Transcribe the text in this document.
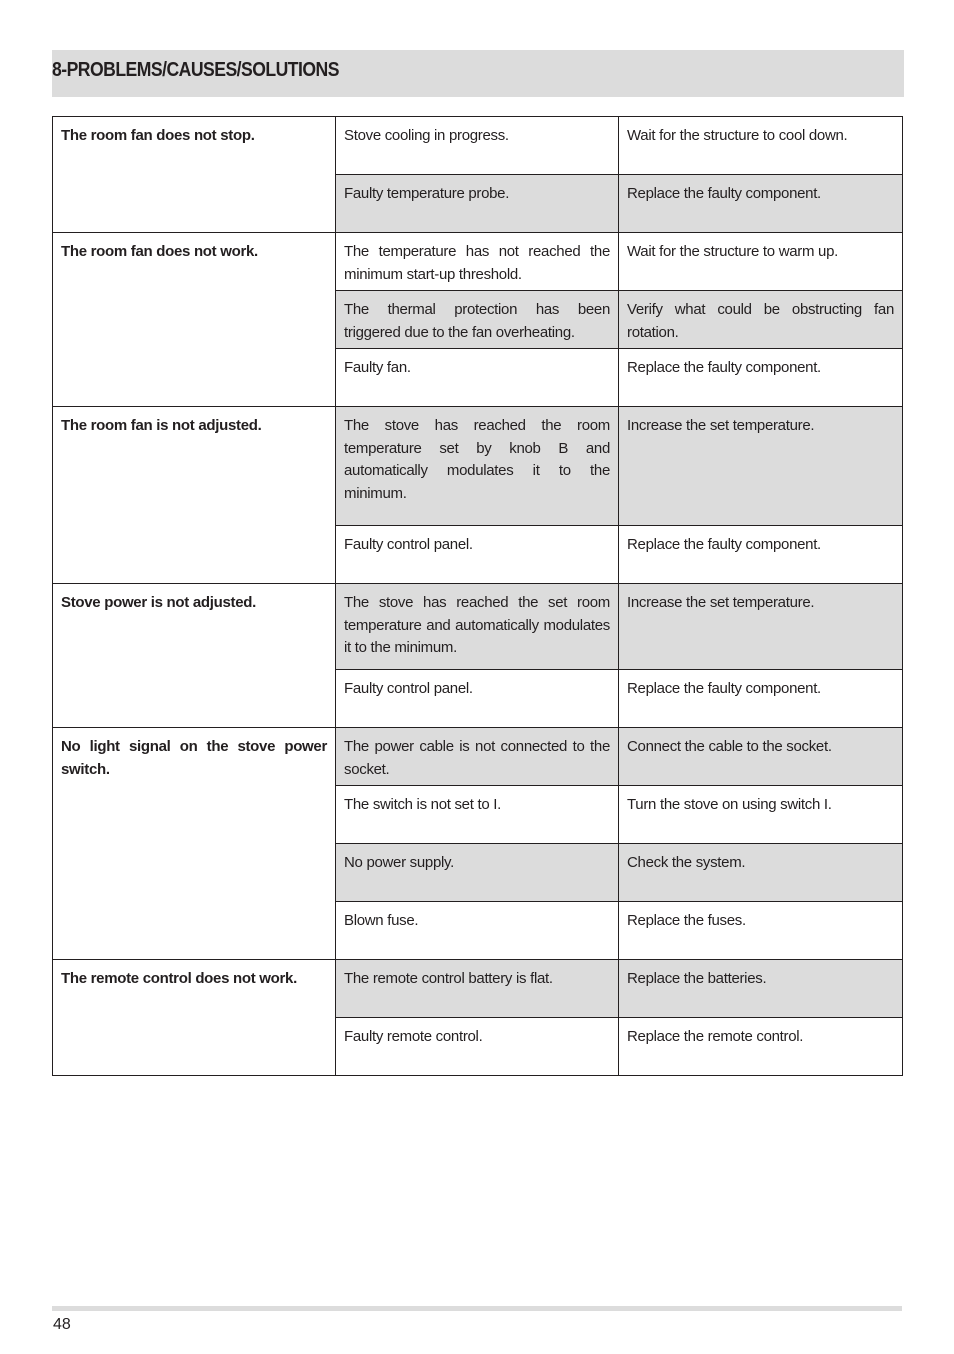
8-PROBLEMS/CAUSES/SOLUTIONS
The room fan does not stop.	Stove cooling in progress.	Wait for the structure to cool down.
	Faulty temperature probe.	Replace the faulty component.
The room fan does not work.	The temperature has not reached the minimum start-up threshold.	Wait for the structure to warm up.
	The thermal protection has been triggered due to the fan overheating.	Verify what could be obstructing fan rotation.
	Faulty fan.	Replace the faulty component.
The room fan is not adjusted.	The stove has reached the room temperature set by knob B and automatically modulates it to the minimum.	Increase the set temperature.
	Faulty control panel.	Replace the faulty component.
Stove power is not adjusted.	The stove has reached the set room temperature and automatically modulates it to the minimum.	Increase the set temperature.
	Faulty control panel.	Replace the faulty component.
No light signal on the stove power switch.	The power cable is not connected to the socket.	Connect the cable to the socket.
	The switch is not set to I.	Turn the stove on using switch I.
	No power supply.	Check the system.
	Blown fuse.	Replace the fuses.
The remote control does not work.	The remote control battery is flat.	Replace the batteries.
	Faulty remote control.	Replace the remote control.
48
